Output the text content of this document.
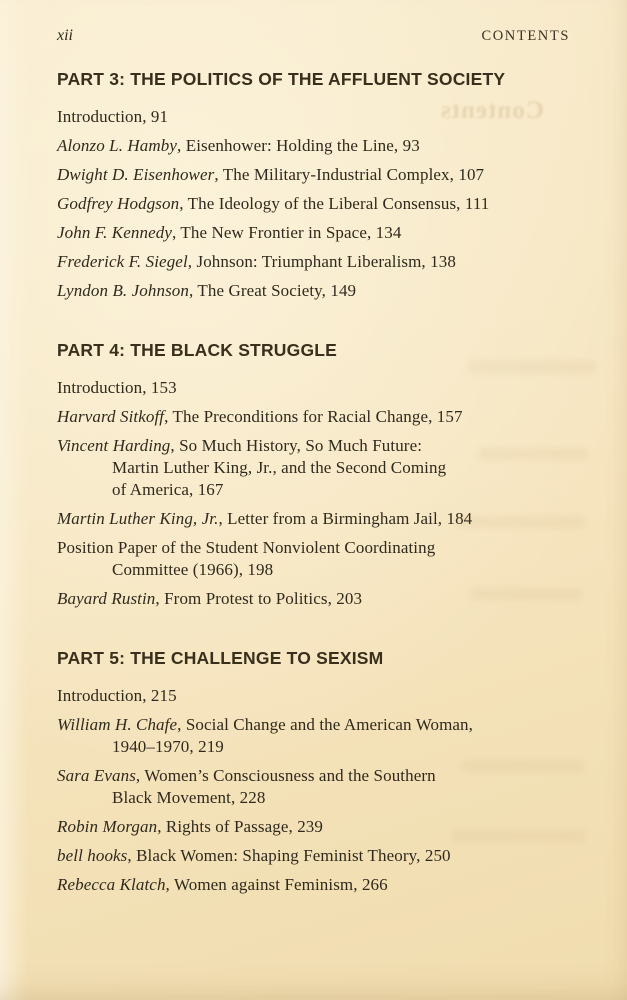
Contents
xii	CONTENTS
PART 3: THE POLITICS OF THE AFFLUENT SOCIETY

Introduction, 91

Alonzo L. Hamby, Eisenhower: Holding the Line, 93

Dwight D. Eisenhower, The Military-Industrial Complex, 107

Godfrey Hodgson, The Ideology of the Liberal Consensus, 111

John F. Kennedy, The New Frontier in Space, 134

Frederick F. Siegel, Johnson: Triumphant Liberalism, 138

Lyndon B. Johnson, The Great Society, 149

PART 4: THE BLACK STRUGGLE

Introduction, 153

Harvard Sitkoff, The Preconditions for Racial Change, 157

Vincent Harding, So Much History, So Much Future:
Martin Luther King, Jr., and the Second Coming
of America, 167

Martin Luther King, Jr., Letter from a Birmingham Jail, 184

Position Paper of the Student Nonviolent Coordinating
Committee (1966), 198

Bayard Rustin, From Protest to Politics, 203

PART 5: THE CHALLENGE TO SEXISM

Introduction, 215

William H. Chafe, Social Change and the American Woman,
1940–1970, 219

Sara Evans, Women’s Consciousness and the Southern
Black Movement, 228

Robin Morgan, Rights of Passage, 239

bell hooks, Black Women: Shaping Feminist Theory, 250

Rebecca Klatch, Women against Feminism, 266
